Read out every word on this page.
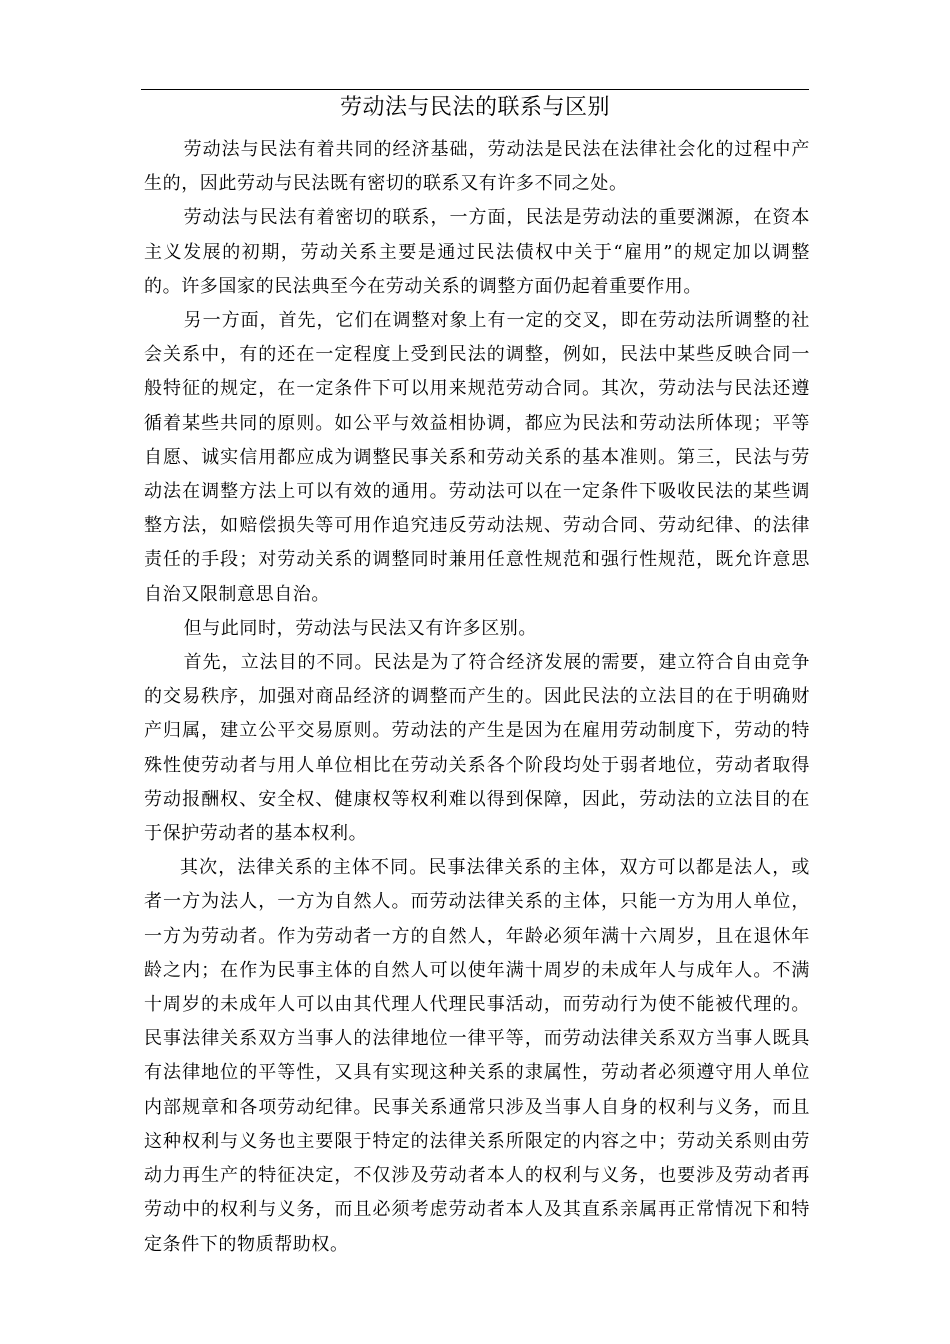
劳动法与民法的联系与区别

劳动法与民法有着共同的经济基础，劳动法是民法在法律社会化的过程中产生的，因此劳动与民法既有密切的联系又有许多不同之处。

劳动法与民法有着密切的联系，一方面，民法是劳动法的重要渊源，在资本主义发展的初期，劳动关系主要是通过民法债权中关于“雇用”的规定加以调整的。许多国家的民法典至今在劳动关系的调整方面仍起着重要作用。

另一方面，首先，它们在调整对象上有一定的交叉，即在劳动法所调整的社会关系中，有的还在一定程度上受到民法的调整，例如，民法中某些反映合同一般特征的规定，在一定条件下可以用来规范劳动合同。其次，劳动法与民法还遵循着某些共同的原则。如公平与效益相协调，都应为民法和劳动法所体现；平等自愿、诚实信用都应成为调整民事关系和劳动关系的基本准则。第三，民法与劳动法在调整方法上可以有效的通用。劳动法可以在一定条件下吸收民法的某些调整方法，如赔偿损失等可用作追究违反劳动法规、劳动合同、劳动纪律、的法律责任的手段；对劳动关系的调整同时兼用任意性规范和强行性规范，既允许意思自治又限制意思自治。

但与此同时，劳动法与民法又有许多区别。

首先，立法目的不同。民法是为了符合经济发展的需要，建立符合自由竞争的交易秩序，加强对商品经济的调整而产生的。因此民法的立法目的在于明确财产归属，建立公平交易原则。劳动法的产生是因为在雇用劳动制度下，劳动的特殊性使劳动者与用人单位相比在劳动关系各个阶段均处于弱者地位，劳动者取得劳动报酬权、安全权、健康权等权利难以得到保障，因此，劳动法的立法目的在于保护劳动者的基本权利。

其次，法律关系的主体不同。民事法律关系的主体，双方可以都是法人，或者一方为法人，一方为自然人。而劳动法律关系的主体，只能一方为用人单位，一方为劳动者。作为劳动者一方的自然人，年龄必须年满十六周岁，且在退休年龄之内；在作为民事主体的自然人可以使年满十周岁的未成年人与成年人。不满十周岁的未成年人可以由其代理人代理民事活动，而劳动行为使不能被代理的。民事法律关系双方当事人的法律地位一律平等，而劳动法律关系双方当事人既具有法律地位的平等性，又具有实现这种关系的隶属性，劳动者必须遵守用人单位内部规章和各项劳动纪律。民事关系通常只涉及当事人自身的权利与义务，而且这种权利与义务也主要限于特定的法律关系所限定的内容之中；劳动关系则由劳动力再生产的特征决定，不仅涉及劳动者本人的权利与义务，也要涉及劳动者再劳动中的权利与义务，而且必须考虑劳动者本人及其直系亲属再正常情况下和特定条件下的物质帮助权。
